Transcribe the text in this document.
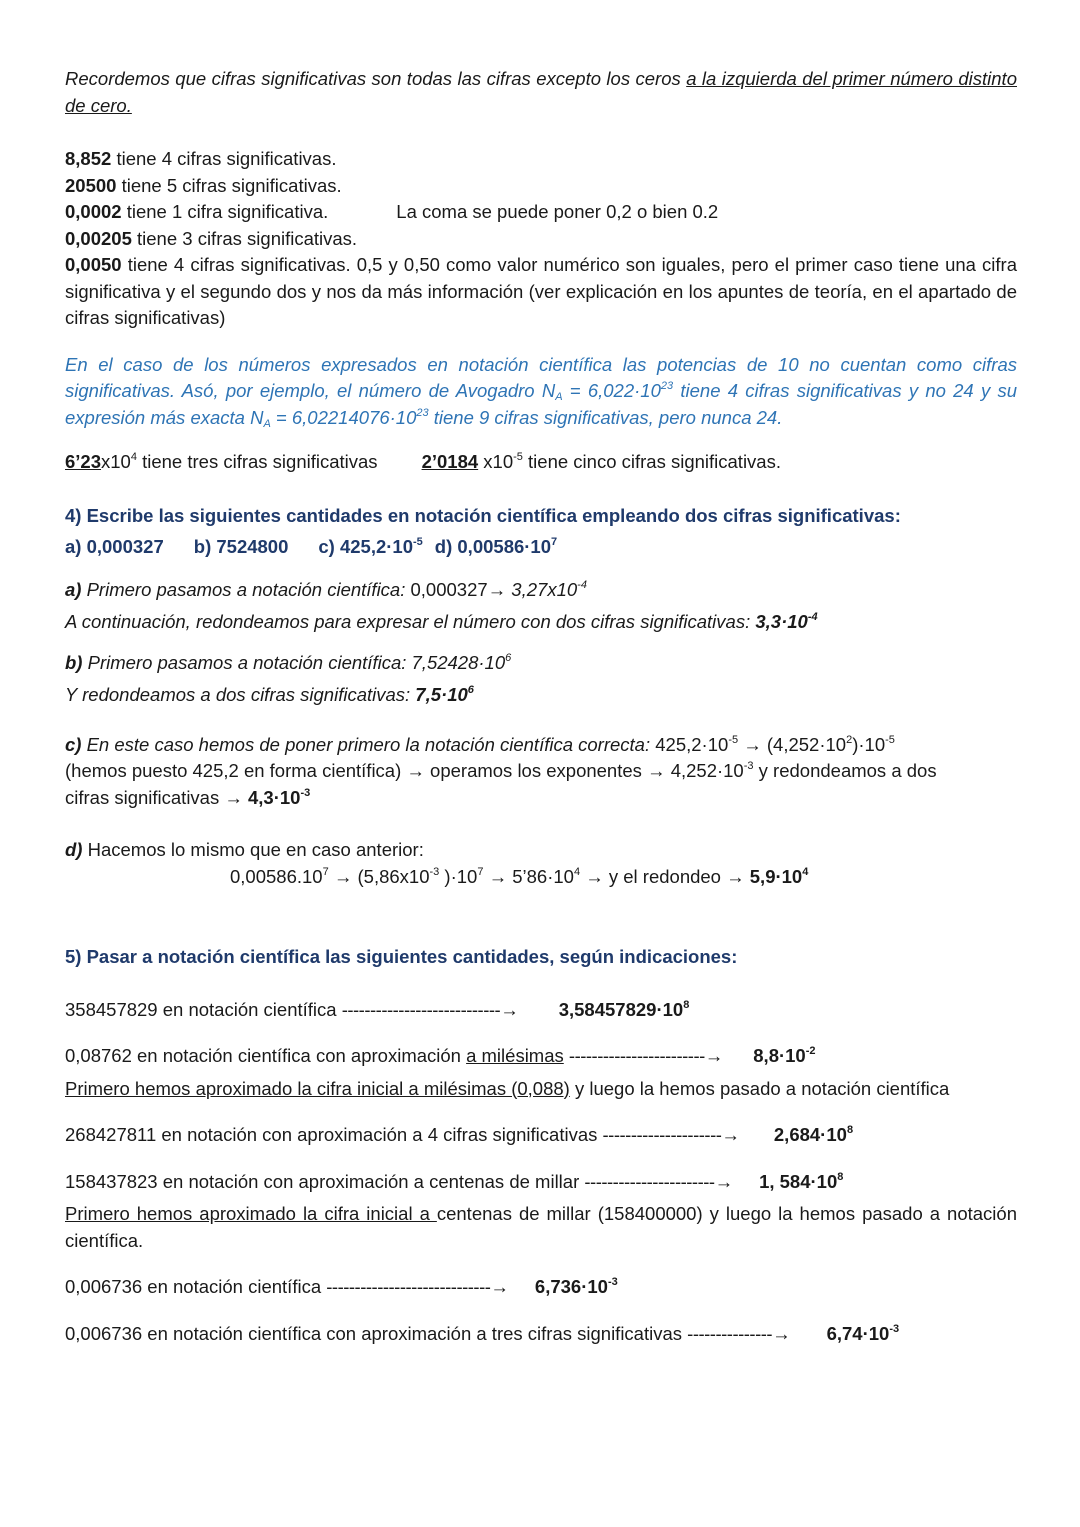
Recordemos que cifras significativas son todas las cifras excepto los ceros a la izquierda del primer número distinto de cero.
8,852 tiene 4 cifras significativas.
20500 tiene 5 cifras significativas.
0,0002 tiene 1 cifra significativa.	La coma se puede poner 0,2 o bien 0.2
0,00205 tiene 3 cifras significativas.
0,0050 tiene 4 cifras significativas. 0,5 y 0,50 como valor numérico son iguales, pero el primer caso tiene una cifra significativa y el segundo dos y nos da más información (ver explicación en los apuntes de teoría, en el apartado de cifras significativas)
En el caso de los números expresados en notación científica las potencias de 10 no cuentan como cifras significativas. Asó, por ejemplo, el número de Avogadro $N_A = 6,022\cdot 10^{23}$ tiene 4 cifras significativas y no 24 y su expresión más exacta $N_A = 6,02214076\cdot 10^{23}$ tiene 9 cifras significativas, pero nunca 24.
$6’23x10^4$ tiene tres cifras significativas 2’0184 $x10^{-5}$ tiene cinco cifras significativas.
4) Escribe las siguientes cantidades en notación científica empleando dos cifras significativas:
a) 0,000327 b) 7524800 c) $425,2\cdot 10^{-5}$ d) $0,00586\cdot 10^7$
a) Primero pasamos a notación científica: $0,000327\to 3,27x10^{-4}$
A continuación, redondeamos para expresar el número con dos cifras significativas: $3,3\cdot 10^{-4}$
b) Primero pasamos a notación científica: $7,52428\cdot 10^6$
Y redondeamos a dos cifras significativas: $7,5\cdot 10^6$
c) En este caso hemos de poner primero la notación científica correcta: $425,2\cdot 10^{-5} \to (4,252\cdot 10^2)\cdot 10^{-5}$
(hemos puesto 425,2 en forma científica) → operamos los exponentes → $4,252\cdot 10^{-3}$ y redondeamos a dos
cifras significativas → $4,3\cdot 10^{-3}$
d) Hacemos lo mismo que en caso anterior:
$0,00586.10^7 \to (5,86x10^{-3}$ )$\cdot 10^7$ → $5’86\cdot 10^4 \to y$ el redondeo → $5,9\cdot 10^4$
5) Pasar a notación científica las siguientes cantidades, según indicaciones:
358457829 en notación científica ----------------------------→ $3,58457829\cdot 10^8$
0,08762 en notación científica con aproximación a milésimas ------------------------→ $8,8\cdot 10^{-2}$
Primero hemos aproximado la cifra inicial a milésimas (0,088) y luego la hemos pasado a notación científica
268427811 en notación con aproximación a 4 cifras significativas ---------------------→ $2,684\cdot 10^8$
158437823 en notación con aproximación a centenas de millar -----------------------→ 1, $584\cdot 10^8$
Primero hemos aproximado la cifra inicial a centenas de millar (158400000) y luego la hemos pasado a notación científica.
0,006736 en notación científica -----------------------------→ $6,736\cdot 10^{-3}$
0,006736 en notación científica con aproximación a tres cifras significativas ---------------→ $6,74\cdot 10^{-3}$
